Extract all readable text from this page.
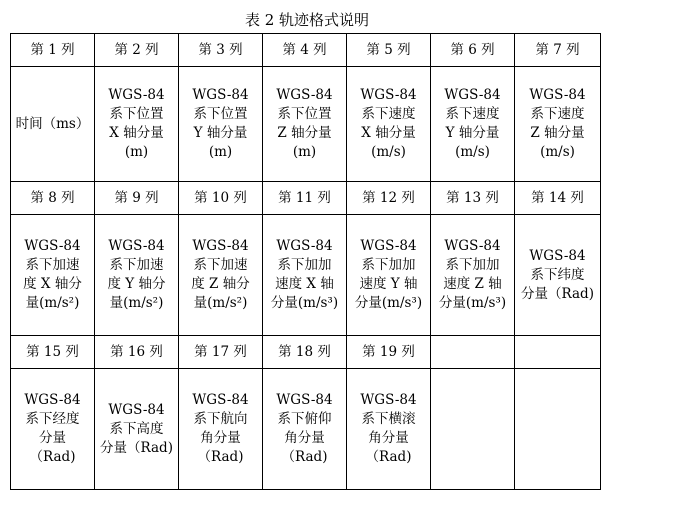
表 2 轨迹格式说明
第 1 列	第 2 列	第 3 列	第 4 列	第 5 列	第 6 列	第 7 列

时间（ms）	WGS-84
系下位置
X 轴分量
(m)	WGS-84
系下位置
Y 轴分量
(m)	WGS-84
系下位置
Z 轴分量
(m)	WGS-84
系下速度
X 轴分量
(m/s)	WGS-84
系下速度
Y 轴分量
(m/s)	WGS-84
系下速度
Z 轴分量
(m/s)

第 8 列	第 9 列	第 10 列	第 11 列	第 12 列	第 13 列	第 14 列

WGS-84
系下加速
度 X 轴分
量(m/s²)	WGS-84
系下加速
度 Y 轴分
量(m/s²)	WGS-84
系下加速
度 Z 轴分
量(m/s²)	WGS-84
系下加加
速度 X 轴
分量(m/s³)	WGS-84
系下加加
速度 Y 轴
分量(m/s³)	WGS-84
系下加加
速度 Z 轴
分量(m/s³)	WGS-84
系下纬度
分量（Rad)

第 15 列	第 16 列	第 17 列	第 18 列	第 19 列		

WGS-84
系下经度
分量
（Rad)	WGS-84
系下高度
分量（Rad)	WGS-84
系下航向
角分量
（Rad)	WGS-84
系下俯仰
角分量
（Rad)	WGS-84
系下横滚
角分量
（Rad)		
